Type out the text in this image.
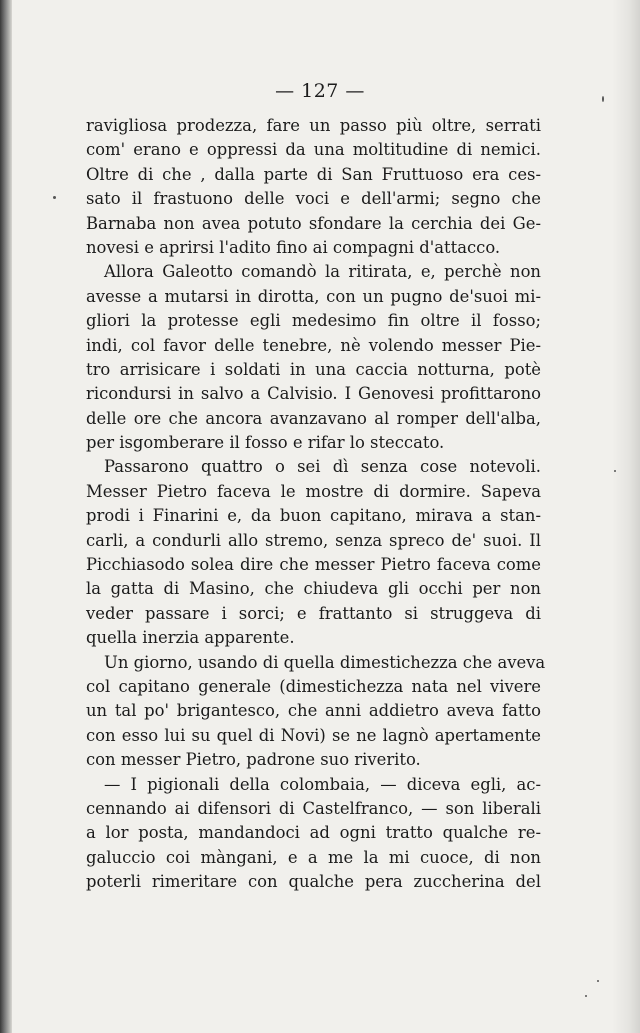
— 127 —
ravigliosa prodezza, fare un passo più oltre, serrati
com' erano e oppressi da una moltitudine di nemici.
Oltre di che , dalla parte di San Fruttuoso era ces-
sato il frastuono delle voci e dell'armi; segno che
Barnaba non avea potuto sfondare la cerchia dei Ge-
novesi e aprirsi l'adito fino ai compagni d'attacco.
Allora Galeotto comandò la ritirata, e, perchè non
avesse a mutarsi in dirotta, con un pugno de'suoi mi-
gliori la protesse egli medesimo fin oltre il fosso;
indi, col favor delle tenebre, nè volendo messer Pie-
tro arrisicare i soldati in una caccia notturna, potè
ricondursi in salvo a Calvisio. I Genovesi profittarono
delle ore che ancora avanzavano al romper dell'alba,
per isgomberare il fosso e rifar lo steccato.
Passarono quattro o sei dì senza cose notevoli.
Messer Pietro faceva le mostre di dormire. Sapeva
prodi i Finarini e, da buon capitano, mirava a stan-
carli, a condurli allo stremo, senza spreco de' suoi. Il
Picchiasodo solea dire che messer Pietro faceva come
la gatta di Masino, che chiudeva gli occhi per non
veder passare i sorci; e frattanto si struggeva di
quella inerzia apparente.
Un giorno, usando di quella dimestichezza che aveva
col capitano generale (dimestichezza nata nel vivere
un tal po' brigantesco, che anni addietro aveva fatto
con esso lui su quel di Novi) se ne lagnò apertamente
con messer Pietro, padrone suo riverito.
— I pigionali della colombaia, — diceva egli, ac-
cennando ai difensori di Castelfranco, — son liberali
a lor posta, mandandoci ad ogni tratto qualche re-
galuccio coi màngani, e a me la mi cuoce, di non
poterli rimeritare con qualche pera zuccherina del
